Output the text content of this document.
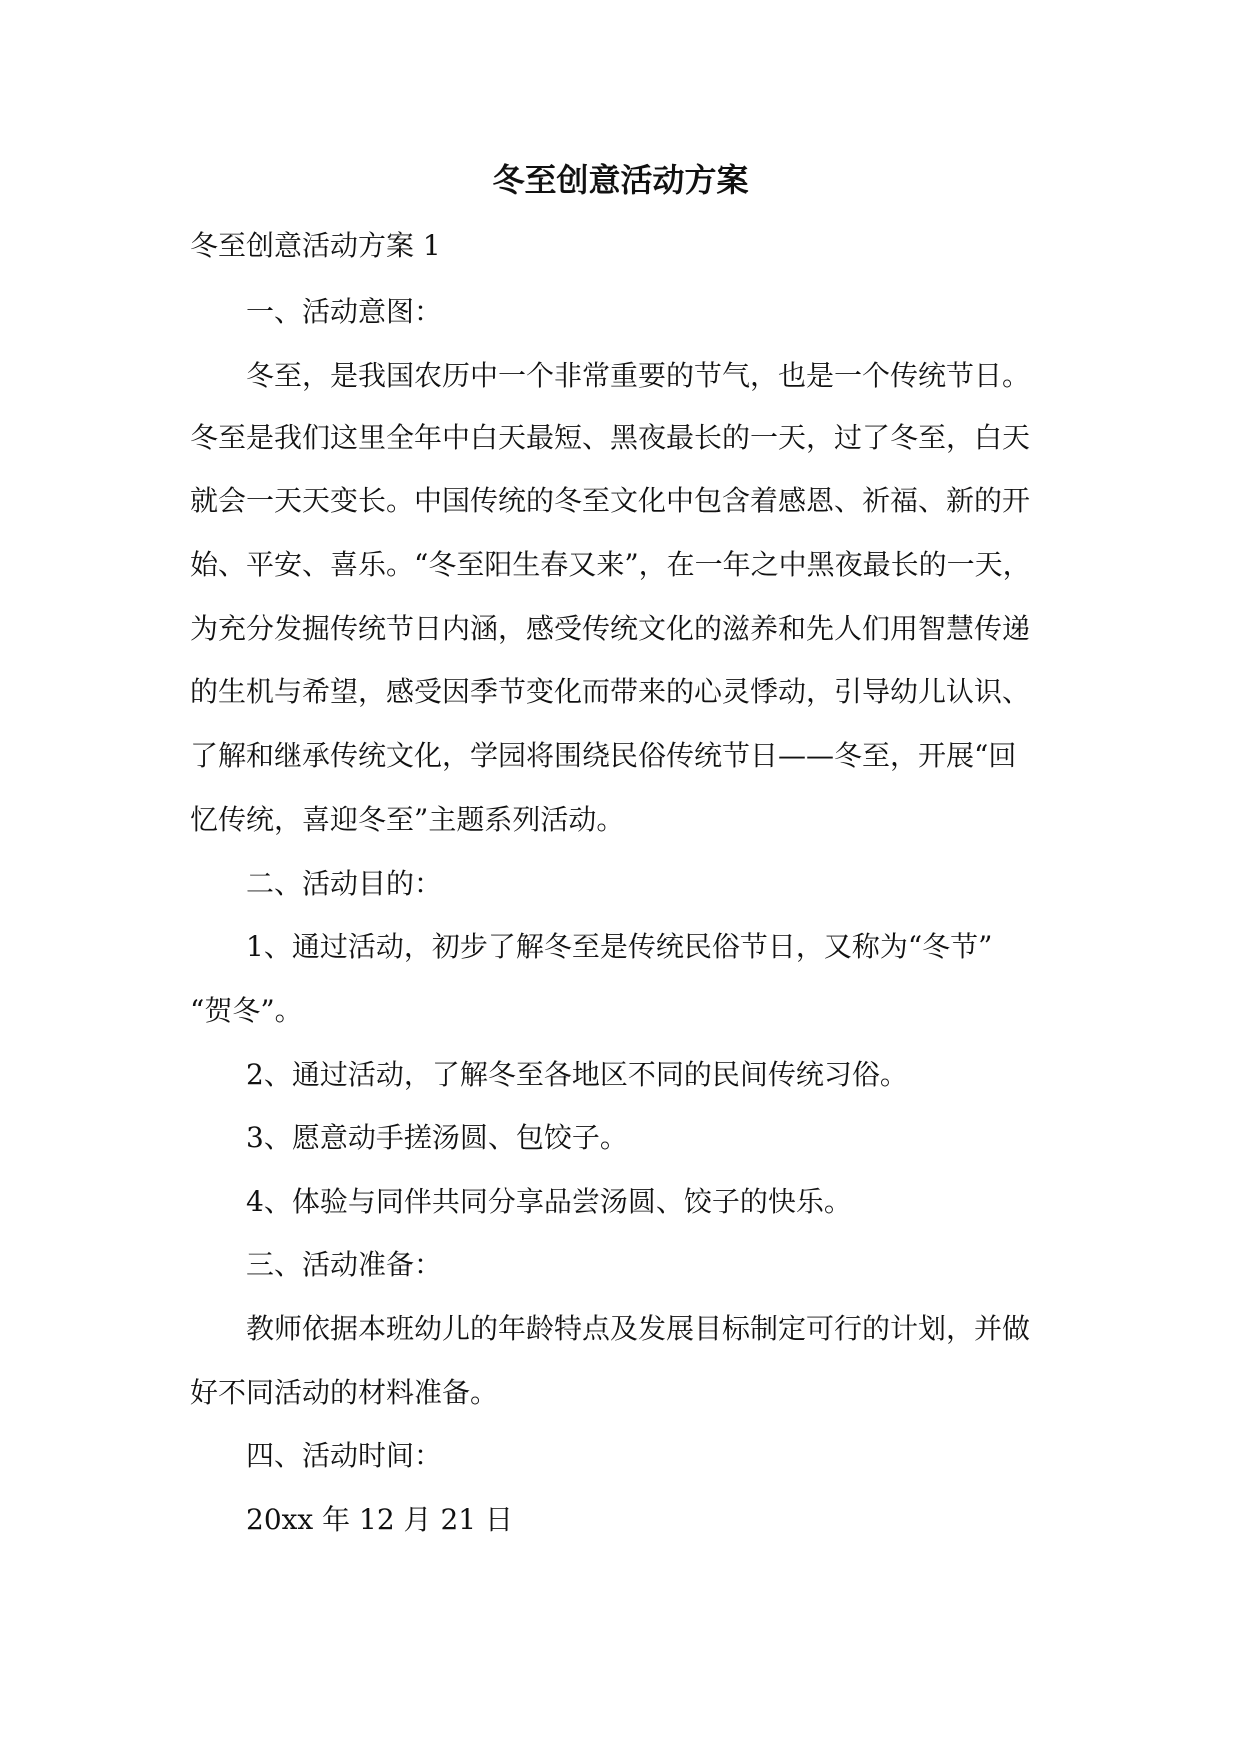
冬至创意活动方案
冬至创意活动方案 1
一、活动意图：
冬至，是我国农历中一个非常重要的节气，也是一个传统节日。
冬至是我们这里全年中白天最短、黑夜最长的一天，过了冬至，白天
就会一天天变长。中国传统的冬至文化中包含着感恩、祈福、新的开
始、平安、喜乐。“冬至阳生春又来”，在一年之中黑夜最长的一天，
为充分发掘传统节日内涵，感受传统文化的滋养和先人们用智慧传递
的生机与希望，感受因季节变化而带来的心灵悸动，引导幼儿认识、
了解和继承传统文化，学园将围绕民俗传统节日——冬至，开展“回
忆传统，喜迎冬至”主题系列活动。
二、活动目的：
1、通过活动，初步了解冬至是传统民俗节日，又称为“冬节”
“贺冬”。
2、通过活动，了解冬至各地区不同的民间传统习俗。
3、愿意动手搓汤圆、包饺子。
4、体验与同伴共同分享品尝汤圆、饺子的快乐。
三、活动准备：
教师依据本班幼儿的年龄特点及发展目标制定可行的计划，并做
好不同活动的材料准备。
四、活动时间：
20xx 年 12 月 21 日
